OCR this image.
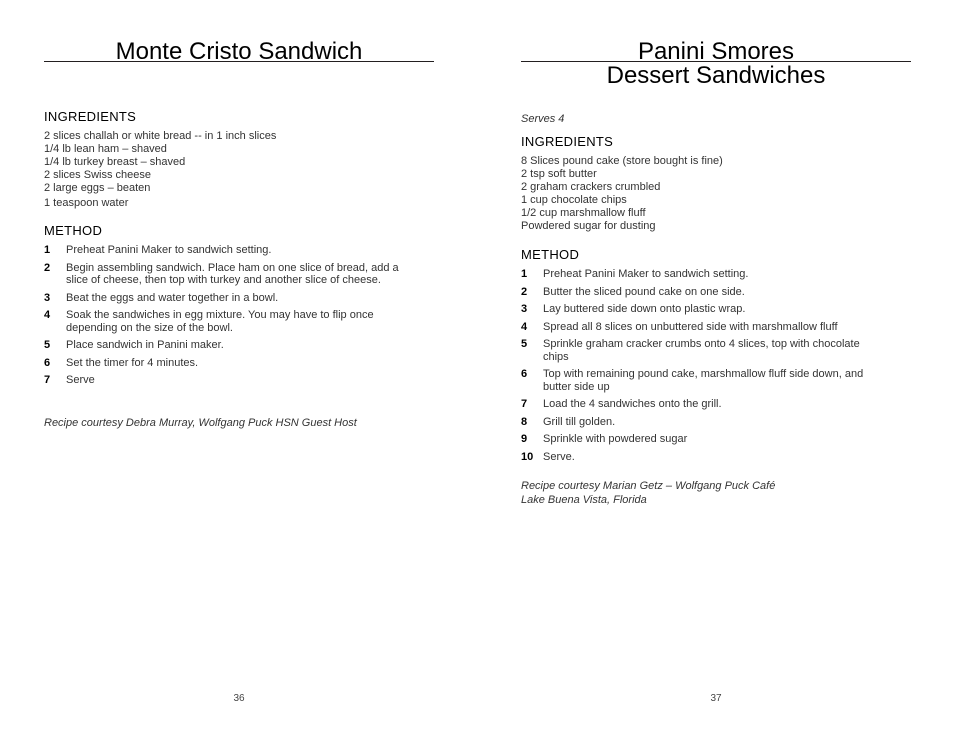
Monte Cristo Sandwich
INGREDIENTS
2 slices challah or white bread -- in 1 inch slices
1/4 lb lean ham – shaved
1/4 lb turkey breast – shaved
2 slices Swiss cheese
2 large eggs – beaten
1 teaspoon water
METHOD
1	Preheat Panini Maker to sandwich setting.
2	Begin assembling sandwich. Place ham on one slice of bread, add a slice of cheese, then top with turkey and another slice of cheese.
3	Beat the eggs and water together in a bowl.
4	Soak the sandwiches in egg mixture. You may have to flip once depending on the size of the bowl.
5	Place sandwich in Panini maker.
6	Set the timer for 4 minutes.
7	Serve

Recipe courtesy Debra Murray, Wolfgang Puck HSN Guest Host

36
Panini Smores
Dessert Sandwiches

Serves 4

INGREDIENTS
8 Slices pound cake (store bought is fine)
2 tsp soft butter
2 graham crackers crumbled
1 cup chocolate chips
1/2 cup marshmallow fluff
Powdered sugar for dusting
METHOD
1	Preheat Panini Maker to sandwich setting.
2	Butter the sliced pound cake on one side.
3	Lay buttered side down onto plastic wrap.
4	Spread all 8 slices on unbuttered side with marshmallow fluff
5	Sprinkle graham cracker crumbs onto 4 slices, top with chocolate chips
6	Top with remaining pound cake, marshmallow fluff side down, and butter side up
7	Load the 4 sandwiches onto the grill.
8	Grill till golden.
9	Sprinkle with powdered sugar
10 Serve.

Recipe courtesy Marian Getz – Wolfgang Puck Café
Lake Buena Vista, Florida

37
